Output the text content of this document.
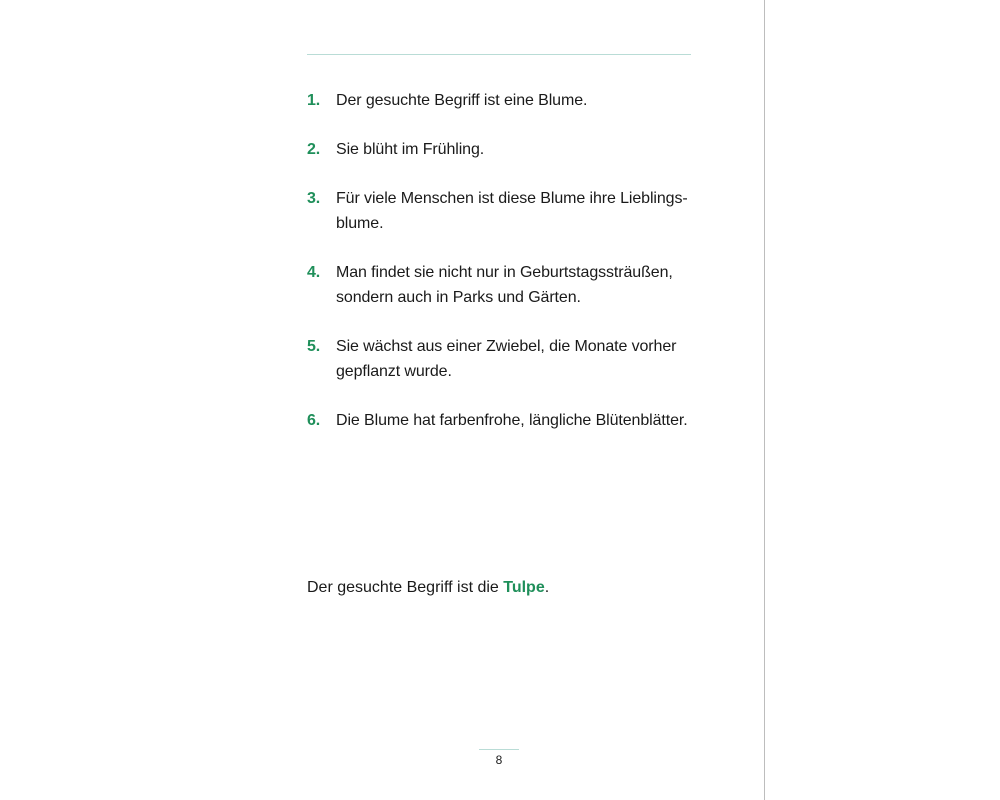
1. Der gesuchte Begriff ist eine Blume.
2. Sie blüht im Frühling.
3. Für viele Menschen ist diese Blume ihre Lieblings-
blume.
4. Man findet sie nicht nur in Geburtstagssträußen, sondern auch in Parks und Gärten.
5. Sie wächst aus einer Zwiebel, die Monate vorher gepflanzt wurde.
6. Die Blume hat farbenfrohe, längliche Blütenblätter.
Der gesuchte Begriff ist die Tulpe.
8
